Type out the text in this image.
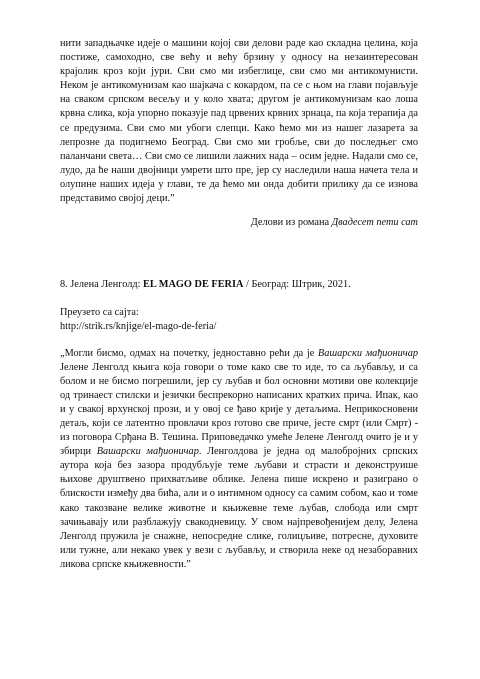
нити западњачке идеје о машини којој сви делови раде као складна целина, која постиже, самоходно, све већу и већу брзину у односу на незаинтересован крајолик кроз који јури. Сви смо ми избеглице, сви смо ми антикомунисти. Неком је антикомунизам као шајкача с кокардом, па се с њом на глави појављује на сваком српском весељу и у коло хвата; другом је антикомунизам као лоша крвна слика, која упорно показује пад црвених крвних зрнаца, па која терапија да се предузима. Сви смо ми убоги слепци. Како ћемо ми из нашег лазарета за лепрозне да подигнемо Београд. Сви смо ми гробље, сви до последњег смо паланчани света… Сви смо се лишили лажних нада – осим једне. Надали смо се, лудо, да ће наши двојници умрети што пре, јер су наследили наша начета тела и олупине наших идеја у глави, те да ћемо ми онда добити прилику да се изнова представимо својој деци.”

Делови из романа Двадесет пети сат

8. Јелена Ленголд: EL MAGO DE FERIA / Београд: Штрик, 2021.

Преузето са сајта:

http://strik.rs/knjige/el-mago-de-feria/

„Могли бисмо, одмах на почетку, једноставно рећи да је Вашарски мађионичар Јелене Ленголд књига која говори о томе како све то иде, то са љубављу, и са болом и не бисмо погрешили, јер су љубав и бол основни мотиви ове колекције од тринаест стилски и језички беспрекорно написаних кратких прича. Ипак, као и у свакој врхунској прози, и у овој се ђаво крије у детаљима. Неприкосновени детаљ, који се латентно провлачи кроз готово све приче, јесте смрт (или Смрт) - из поговора Срђана В. Тешина. Приповедачко умеће Јелене Ленголд очито је и у збирци Вашарски мађионичар. Ленголдова је једна од малобројних српских аутора која без зазора продубљује теме љубави и страсти и деконструише њихове друштвено прихватљиве облике. Јелена пише искрено и разиграно о блискости између два бића, али и о интимном односу са самим собом, као и томе како такозване велике животне и књижевне теме љубав, слобода или смрт зачињавају или разблажују свакодневицу. У свом најпревођенијем делу, Јелена Ленголд пружила је снажне, непосредне слике, голицљиве, потресне, духовите или тужне, али некако увек у вези с љубављу, и створила неке од незаборавних ликова српске књижевности.”
